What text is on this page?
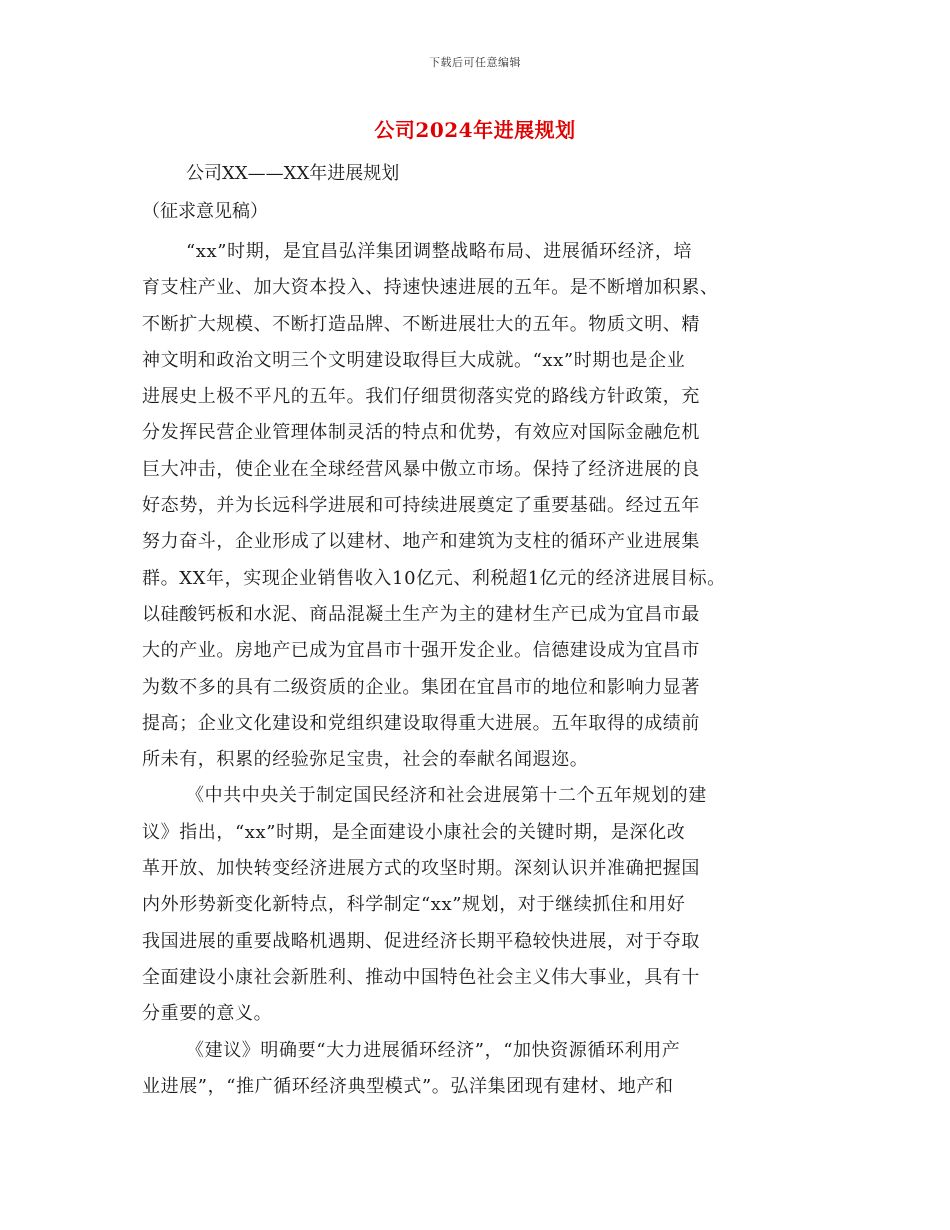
下载后可任意编辑
公司2024年进展规划
公司XX——XX年进展规划
（征求意见稿）
“xx”时期，是宜昌弘洋集团调整战略布局、进展循环经济，培
育支柱产业、加大资本投入、持速快速进展的五年。是不断增加积累、
不断扩大规模、不断打造品牌、不断进展壮大的五年。物质文明、精
神文明和政治文明三个文明建设取得巨大成就。“xx”时期也是企业
进展史上极不平凡的五年。我们仔细贯彻落实党的路线方针政策，充
分发挥民营企业管理体制灵活的特点和优势，有效应对国际金融危机
巨大冲击，使企业在全球经营风暴中傲立市场。保持了经济进展的良
好态势，并为长远科学进展和可持续进展奠定了重要基础。经过五年
努力奋斗，企业形成了以建材、地产和建筑为支柱的循环产业进展集
群。XX年，实现企业销售收入10亿元、利税超1亿元的经济进展目标。
以硅酸钙板和水泥、商品混凝土生产为主的建材生产已成为宜昌市最
大的产业。房地产已成为宜昌市十强开发企业。信德建设成为宜昌市
为数不多的具有二级资质的企业。集团在宜昌市的地位和影响力显著
提高；企业文化建设和党组织建设取得重大进展。五年取得的成绩前
所未有，积累的经验弥足宝贵，社会的奉献名闻遐迩。
《中共中央关于制定国民经济和社会进展第十二个五年规划的建
议》指出，“xx”时期，是全面建设小康社会的关键时期，是深化改
革开放、加快转变经济进展方式的攻坚时期。深刻认识并准确把握国
内外形势新变化新特点，科学制定“xx”规划，对于继续抓住和用好
我国进展的重要战略机遇期、促进经济长期平稳较快进展，对于夺取
全面建设小康社会新胜利、推动中国特色社会主义伟大事业，具有十
分重要的意义。
《建议》明确要“大力进展循环经济”，“加快资源循环利用产
业进展”，“推广循环经济典型模式”。弘洋集团现有建材、地产和
